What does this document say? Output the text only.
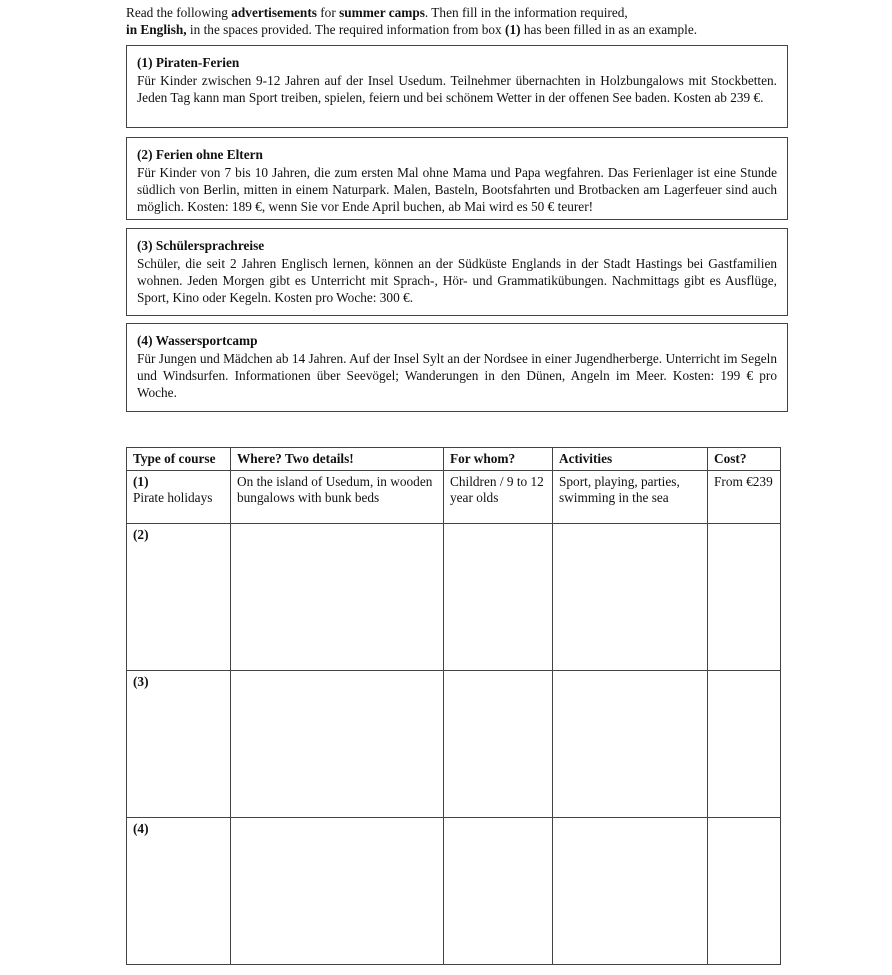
Read the following advertisements for summer camps. Then fill in the information required,
in English, in the spaces provided. The required information from box (1) has been filled in as an example.
(1) Piraten-Ferien
Für Kinder zwischen 9-12 Jahren auf der Insel Usedum. Teilnehmer übernachten in Holzbungalows mit Stockbetten. Jeden Tag kann man Sport treiben, spielen, feiern und bei schönem Wetter in der offenen See baden. Kosten ab 239 €.
(2) Ferien ohne Eltern
Für Kinder von 7 bis 10 Jahren, die zum ersten Mal ohne Mama und Papa wegfahren. Das Ferienlager ist eine Stunde südlich von Berlin, mitten in einem Naturpark. Malen, Basteln, Bootsfahrten und Brotbacken am Lagerfeuer sind auch möglich. Kosten: 189 €, wenn Sie vor Ende April buchen, ab Mai wird es 50 € teurer!
(3) Schülersprachreise
Schüler, die seit 2 Jahren Englisch lernen, können an der Südküste Englands in der Stadt Hastings bei Gastfamilien wohnen. Jeden Morgen gibt es Unterricht mit Sprach-, Hör- und Grammatikübungen. Nachmittags gibt es Ausflüge, Sport, Kino oder Kegeln. Kosten pro Woche: 300 €.
(4) Wassersportcamp
Für Jungen und Mädchen ab 14 Jahren. Auf der Insel Sylt an der Nordsee in einer Jugendherberge. Unterricht im Segeln und Windsurfen. Informationen über Seevögel; Wanderungen in den Dünen, Angeln im Meer. Kosten: 199 € pro Woche.
Type of course	Where? Two details!	For whom?	Activities	Cost?

(1)
Pirate holidays	On the island of Usedum, in wooden bungalows with bunk beds	Children / 9 to 12 year olds	Sport, playing, parties, swimming in the sea	From €239

(2)				

(3)				

(4)				
